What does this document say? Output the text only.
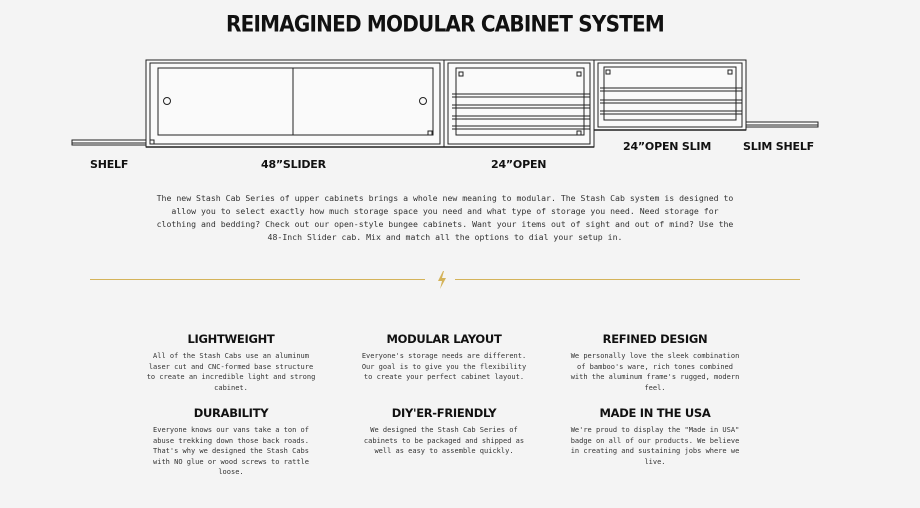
REIMAGINED MODULAR CABINET SYSTEM
SHELF	48”SLIDER	24”OPEN
24”OPEN SLIM	SLIM SHELF
The new Stash Cab Series of upper cabinets brings a whole new meaning to modular. The Stash Cab system is designed to allow you to select exactly how much storage space you need and what type of storage you need. Need storage for clothing and bedding? Check out our open-style bungee cabinets. Want your items out of sight and out of mind? Use the 48-Inch Slider cab. Mix and match all the options to dial your setup in.
LIGHTWEIGHT

All of the Stash Cabs use an aluminum laser cut and CNC-formed base structure to create an incredible light and strong cabinet.

MODULAR LAYOUT

Everyone's storage needs are different. Our goal is to give you the flexibility to create your perfect cabinet layout.

REFINED DESIGN

We personally love the sleek combination of bamboo's ware, rich tones combined with the aluminum frame's rugged, modern feel.

DURABILITY

Everyone knows our vans take a ton of abuse trekking down those back roads. That's why we designed the Stash Cabs with NO glue or wood screws to rattle loose.

DIY'ER-FRIENDLY

We designed the Stash Cab Series of cabinets to be packaged and shipped as well as easy to assemble quickly.

MADE IN THE USA

We're proud to display the "Made in USA" badge on all of our products. We believe in creating and sustaining jobs where we live.
